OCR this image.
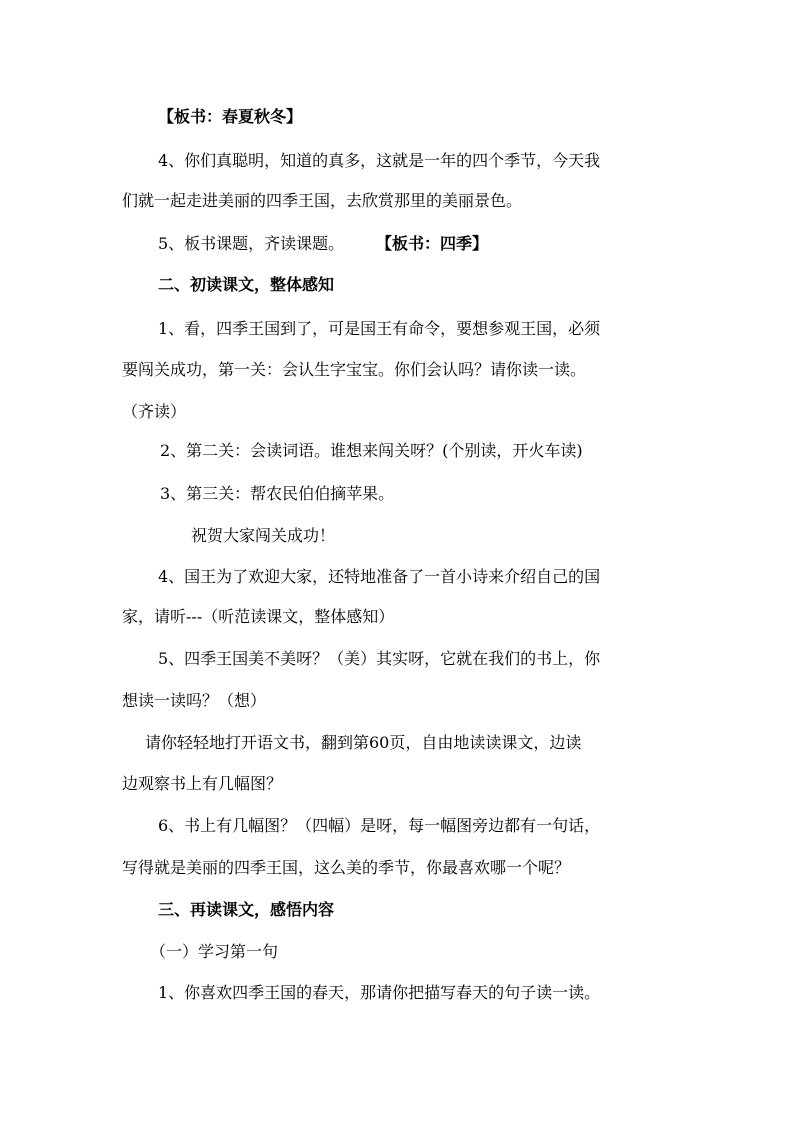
【板书：春夏秋冬】
4、你们真聪明，知道的真多，这就是一年的四个季节，今天我
们就一起走进美丽的四季王国，去欣赏那里的美丽景色。
5、板书课题，齐读课题。 【板书：四季】
二、初读课文，整体感知
1、看，四季王国到了，可是国王有命令，要想参观王国，必须
要闯关成功，第一关：会认生字宝宝。你们会认吗？请你读一读。
（齐读）
2、第二关：会读词语。谁想来闯关呀？(个别读，开火车读)
3、第三关：帮农民伯伯摘苹果。
祝贺大家闯关成功！
4、国王为了欢迎大家，还特地准备了一首小诗来介绍自己的国
家，请听---（听范读课文，整体感知）
5、四季王国美不美呀？（美）其实呀，它就在我们的书上，你
想读一读吗？（想）
请你轻轻地打开语文书，翻到第60页，自由地读读课文，边读
边观察书上有几幅图？
6、书上有几幅图？（四幅）是呀，每一幅图旁边都有一句话，
写得就是美丽的四季王国，这么美的季节，你最喜欢哪一个呢？
三、再读课文，感悟内容
（一）学习第一句
1、你喜欢四季王国的春天，那请你把描写春天的句子读一读。
